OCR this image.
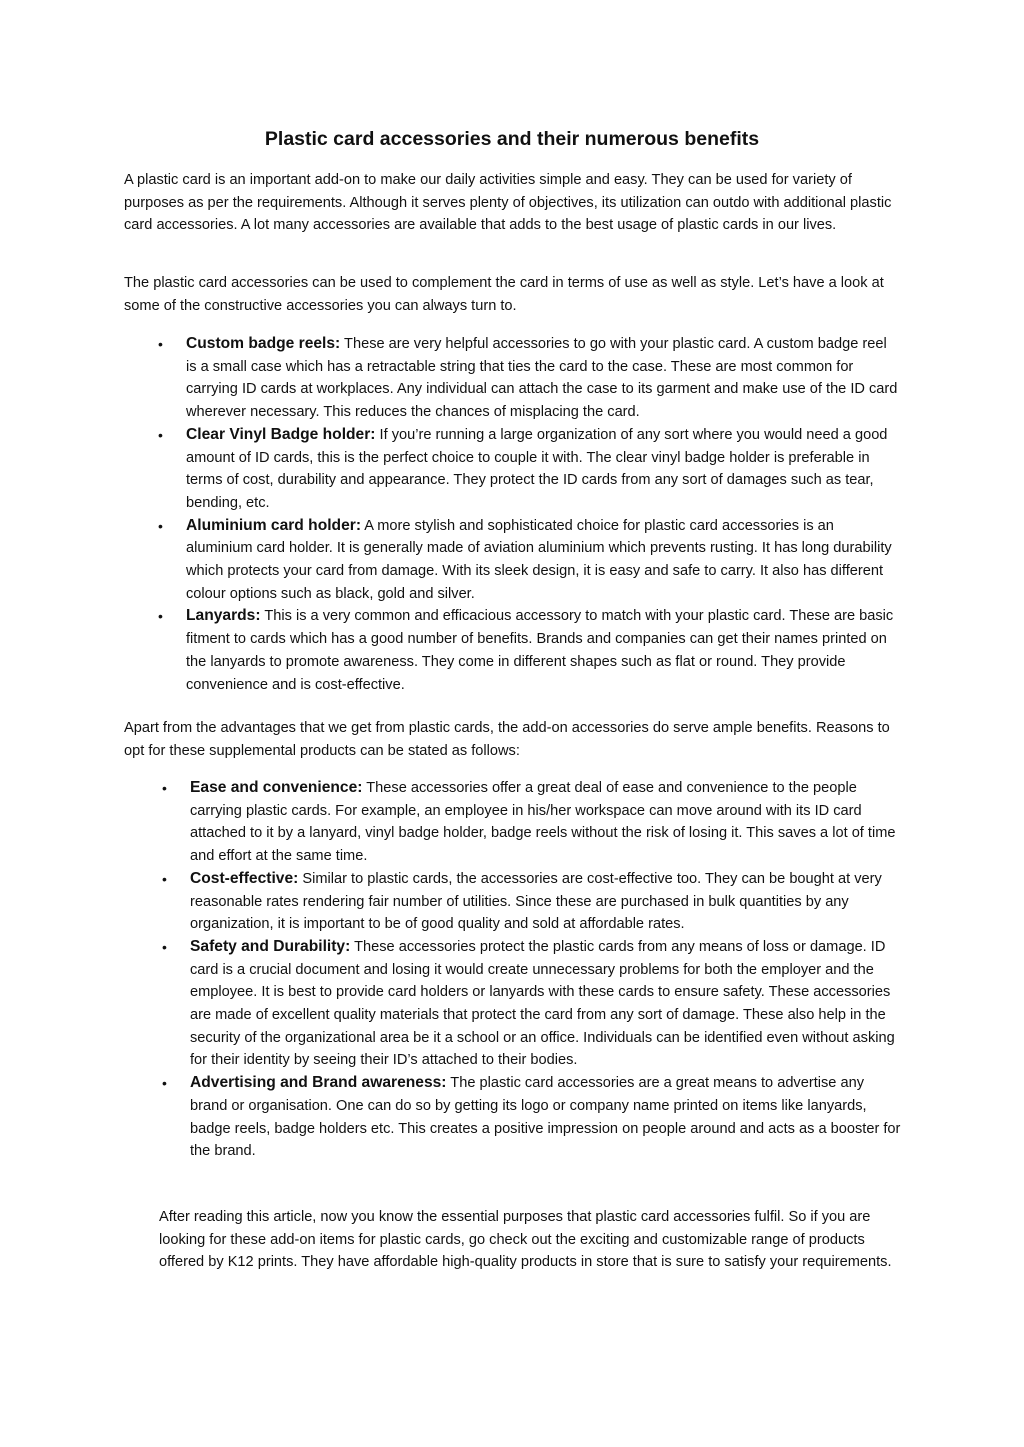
Plastic card accessories and their numerous benefits

A plastic card is an important add-on to make our daily activities simple and easy. They can be used for variety of purposes as per the requirements. Although it serves plenty of objectives, its utilization can outdo with additional plastic card accessories. A lot many accessories are available that adds to the best usage of plastic cards in our lives.

The plastic card accessories can be used to complement the card in terms of use as well as style. Let’s have a look at some of the constructive accessories you can always turn to.

• Custom badge reels: These are very helpful accessories to go with your plastic card. A custom badge reel is a small case which has a retractable string that ties the card to the case. These are most common for carrying ID cards at workplaces. Any individual can attach the case to its garment and make use of the ID card wherever necessary. This reduces the chances of misplacing the card.
• Clear Vinyl Badge holder: If you’re running a large organization of any sort where you would need a good amount of ID cards, this is the perfect choice to couple it with. The clear vinyl badge holder is preferable in terms of cost, durability and appearance. They protect the ID cards from any sort of damages such as tear, bending, etc.
• Aluminium card holder: A more stylish and sophisticated choice for plastic card accessories is an aluminium card holder. It is generally made of aviation aluminium which prevents rusting. It has long durability which protects your card from damage. With its sleek design, it is easy and safe to carry. It also has different colour options such as black, gold and silver.
• Lanyards: This is a very common and efficacious accessory to match with your plastic card. These are basic fitment to cards which has a good number of benefits. Brands and companies can get their names printed on the lanyards to promote awareness. They come in different shapes such as flat or round. They provide convenience and is cost-effective.

Apart from the advantages that we get from plastic cards, the add-on accessories do serve ample benefits. Reasons to opt for these supplemental products can be stated as follows:

• Ease and convenience: These accessories offer a great deal of ease and convenience to the people carrying plastic cards. For example, an employee in his/her workspace can move around with its ID card attached to it by a lanyard, vinyl badge holder, badge reels without the risk of losing it. This saves a lot of time and effort at the same time.
• Cost-effective: Similar to plastic cards, the accessories are cost-effective too. They can be bought at very reasonable rates rendering fair number of utilities. Since these are purchased in bulk quantities by any organization, it is important to be of good quality and sold at affordable rates.
• Safety and Durability: These accessories protect the plastic cards from any means of loss or damage. ID card is a crucial document and losing it would create unnecessary problems for both the employer and the employee. It is best to provide card holders or lanyards with these cards to ensure safety. These accessories are made of excellent quality materials that protect the card from any sort of damage. These also help in the security of the organizational area be it a school or an office. Individuals can be identified even without asking for their identity by seeing their ID’s attached to their bodies.
• Advertising and Brand awareness: The plastic card accessories are a great means to advertise any brand or organisation. One can do so by getting its logo or company name printed on items like lanyards, badge reels, badge holders etc. This creates a positive impression on people around and acts as a booster for the brand.

After reading this article, now you know the essential purposes that plastic card accessories fulfil. So if you are looking for these add-on items for plastic cards, go check out the exciting and customizable range of products offered by K12 prints. They have affordable high-quality products in store that is sure to satisfy your requirements.
